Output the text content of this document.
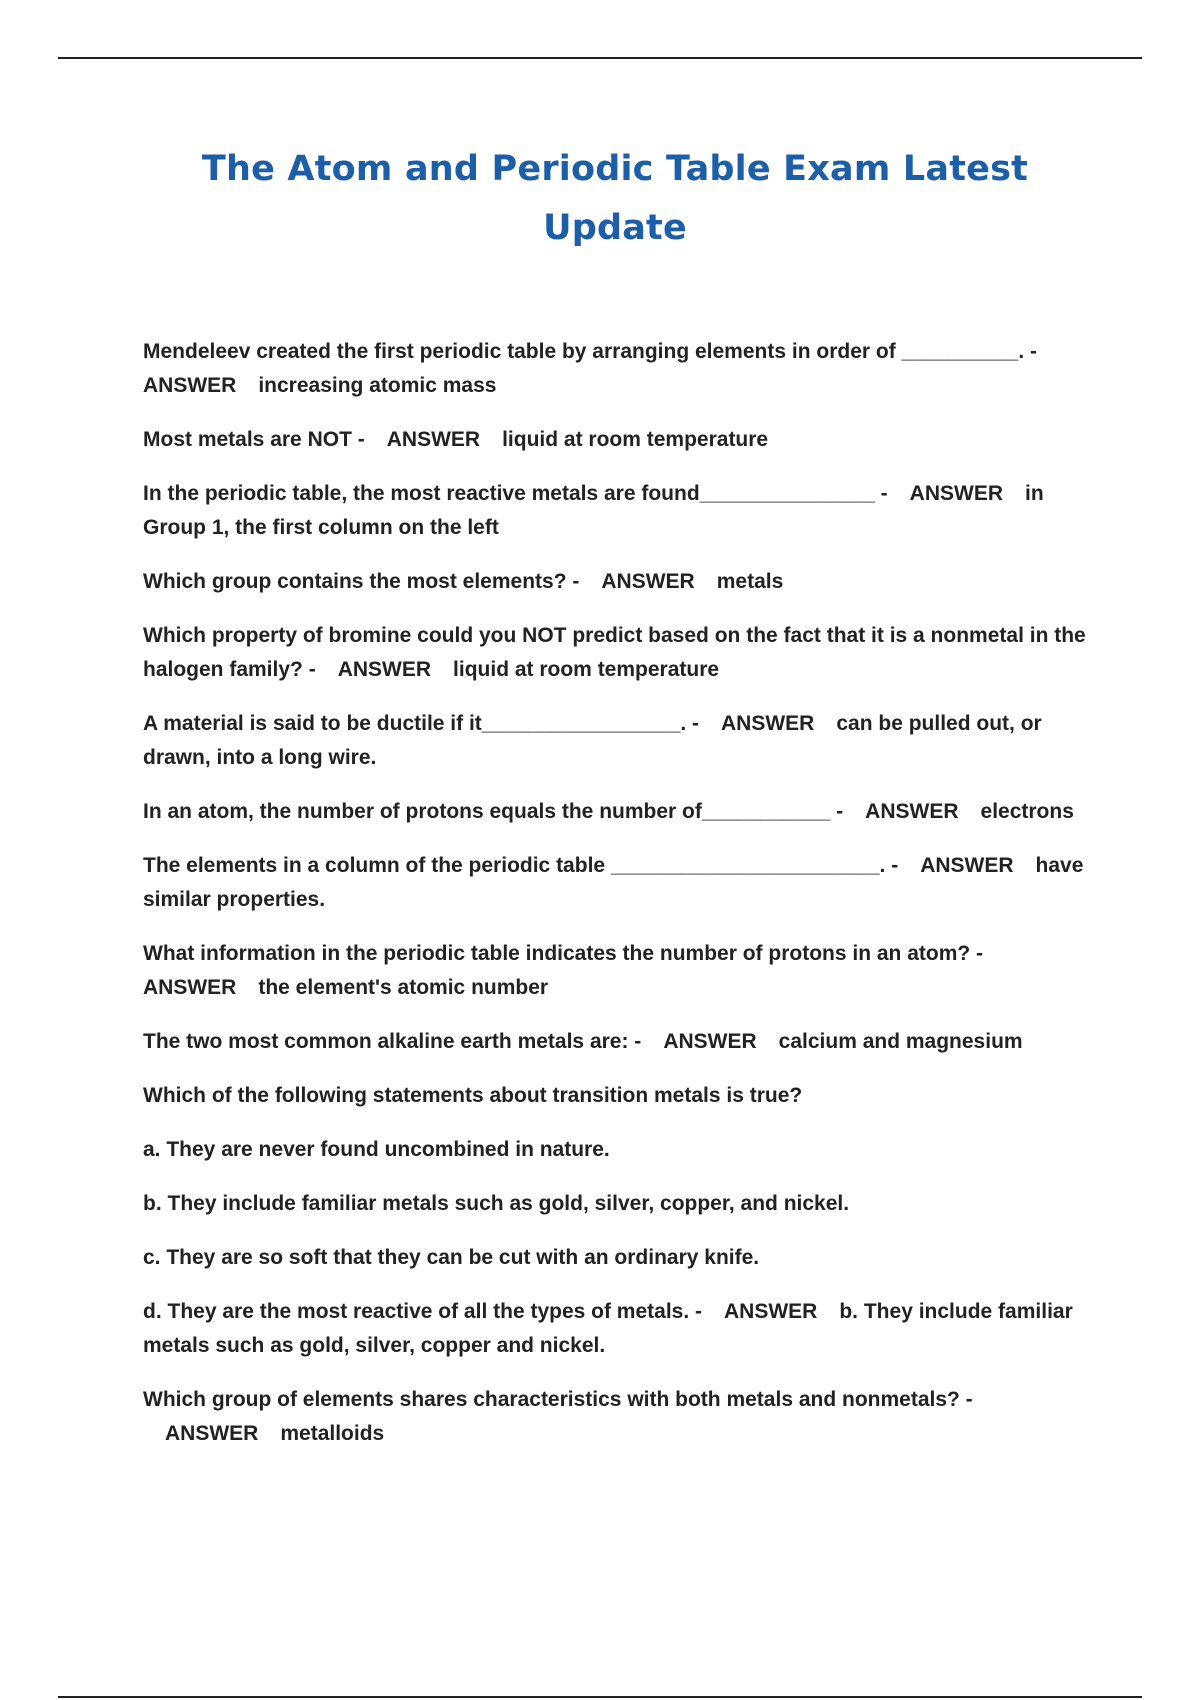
The Atom and Periodic Table Exam Latest Update

Mendeleev created the first periodic table by arranging elements in order of __________. -
ANSWER increasing atomic mass

Most metals are NOT - ANSWER liquid at room temperature

In the periodic table, the most reactive metals are found_______________ - ANSWER in Group 1, the first column on the left

Which group contains the most elements? - ANSWER metals

Which property of bromine could you NOT predict based on the fact that it is a nonmetal in the halogen family? - ANSWER liquid at room temperature

A material is said to be ductile if it_________________. - ANSWER can be pulled out, or drawn, into a long wire.

In an atom, the number of protons equals the number of___________ - ANSWER electrons

The elements in a column of the periodic table _______________________. - ANSWER have similar properties.

What information in the periodic table indicates the number of protons in an atom? -
ANSWER the element's atomic number

The two most common alkaline earth metals are: - ANSWER calcium and magnesium

Which of the following statements about transition metals is true?

a. They are never found uncombined in nature.

b. They include familiar metals such as gold, silver, copper, and nickel.

c. They are so soft that they can be cut with an ordinary knife.

d. They are the most reactive of all the types of metals. - ANSWER b. They include familiar metals such as gold, silver, copper and nickel.

Which group of elements shares characteristics with both metals and nonmetals? -ANSWER metalloids
